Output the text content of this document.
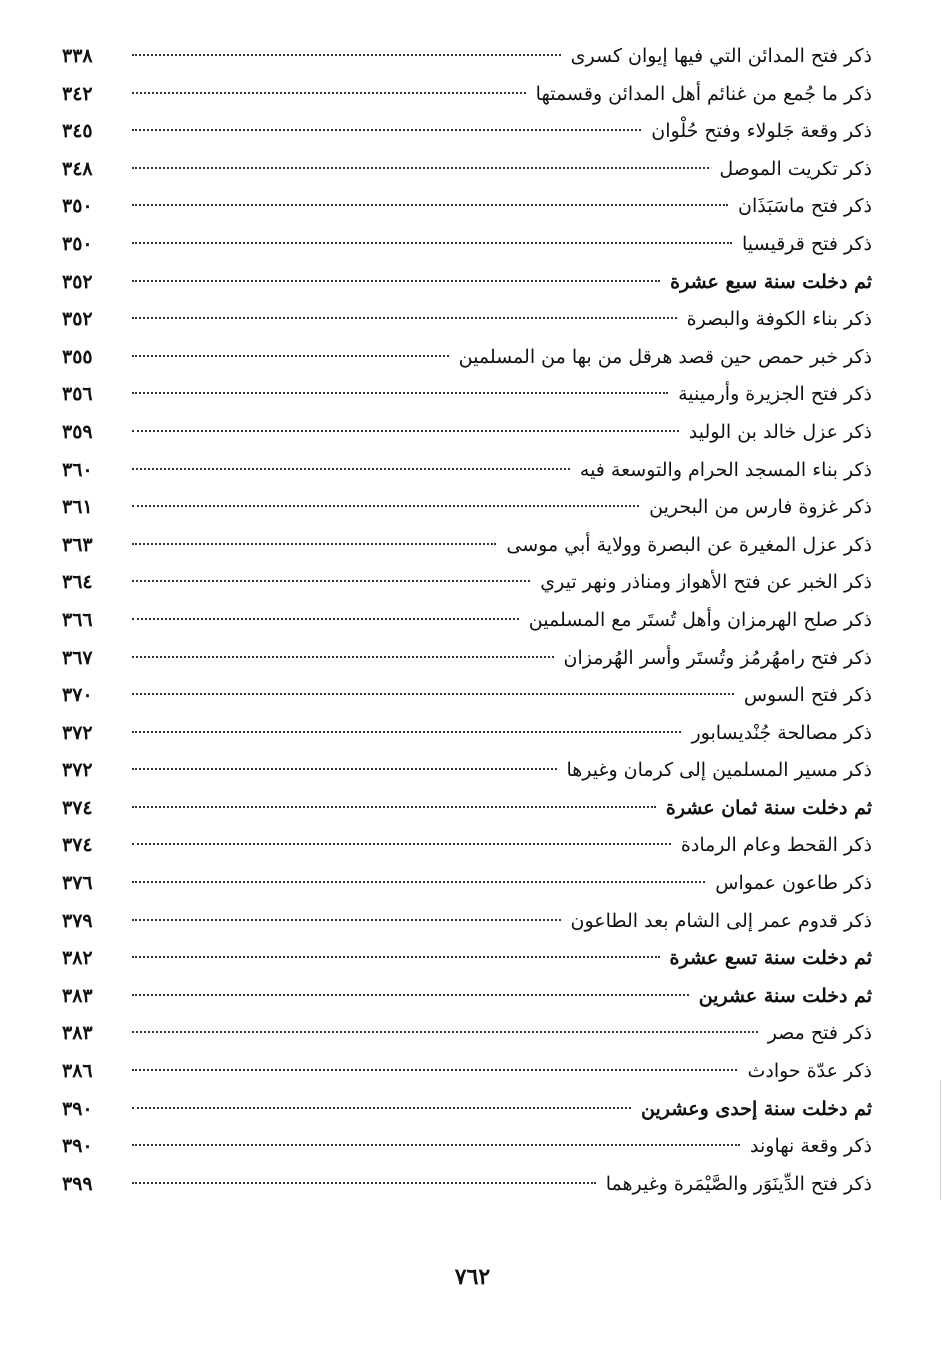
ذكر فتح المدائن التي فيها إيوان كسرى
٣٣٨
ذكر ما جُمع من غنائم أهل المدائن وقسمتها
٣٤٢
ذكر وقعة جَلولاء وفتح حُلْوان
٣٤٥
ذكر تكريت الموصل
٣٤٨
ذكر فتح ماسَبَذَان
٣٥٠
ذكر فتح قرقيسيا
٣٥٠
ثم دخلت سنة سبع عشرة
٣٥٢
ذكر بناء الكوفة والبصرة
٣٥٢
ذكر خبر حمص حين قصد هرقل من بها من المسلمين
٣٥٥
ذكر فتح الجزيرة وأرمينية
٣٥٦
ذكر عزل خالد بن الوليد
٣٥٩
ذكر بناء المسجد الحرام والتوسعة فيه
٣٦٠
ذكر غزوة فارس من البحرين
٣٦١
ذكر عزل المغيرة عن البصرة وولاية أبي موسى
٣٦٣
ذكر الخبر عن فتح الأهواز ومناذر ونهر تيري
٣٦٤
ذكر صلح الهرمزان وأهل تُستَر مع المسلمين
٣٦٦
ذكر فتح رامهُرمُز وتُستَر وأسر الهُرمزان
٣٦٧
ذكر فتح السوس
٣٧٠
ذكر مصالحة جُنْديسابور
٣٧٢
ذكر مسير المسلمين إلى كرمان وغيرها
٣٧٢
ثم دخلت سنة ثمان عشرة
٣٧٤
ذكر القحط وعام الرمادة
٣٧٤
ذكر طاعون عمواس
٣٧٦
ذكر قدوم عمر إلى الشام بعد الطاعون
٣٧٩
ثم دخلت سنة تسع عشرة
٣٨٢
ثم دخلت سنة عشرين
٣٨٣
ذكر فتح مصر
٣٨٣
ذكر عدّة حوادث
٣٨٦
ثم دخلت سنة إحدى وعشرين
٣٩٠
ذكر وقعة نهاوند
٣٩٠
ذكر فتح الدِّينَوَر والصَّيْمَرة وغيرهما
٣٩٩
٧٦٢
